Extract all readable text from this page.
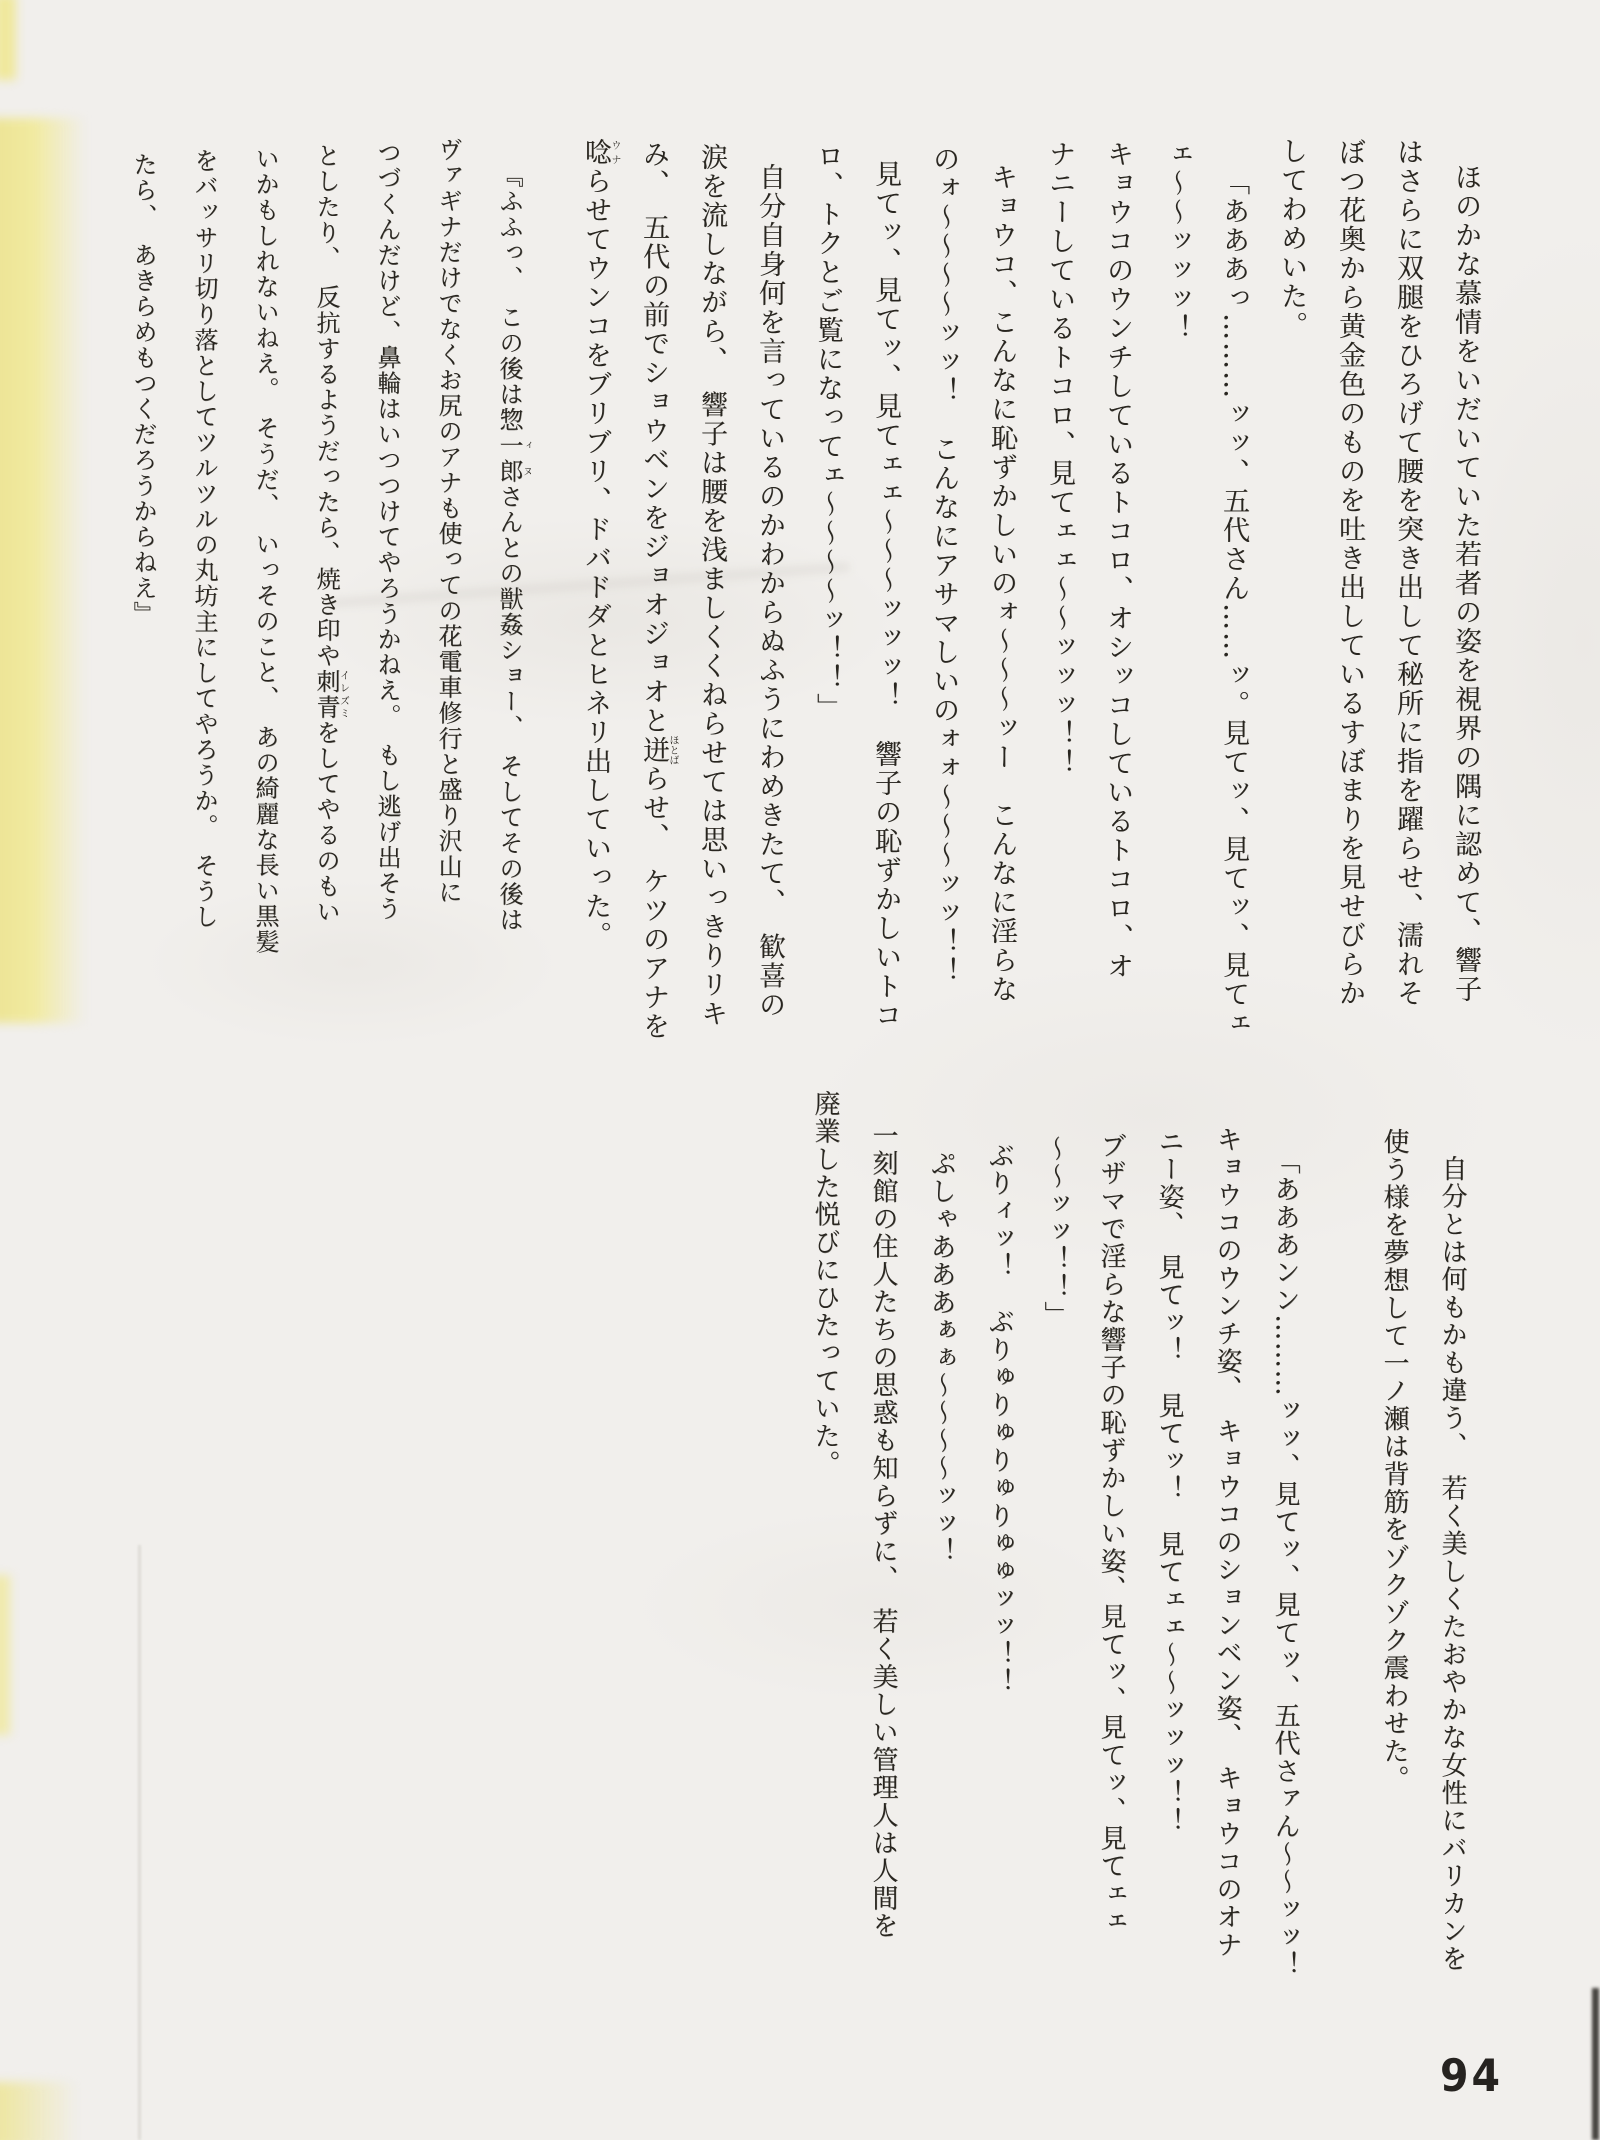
ほのかな慕情をいだいていた若者の姿を視界の隅に認めて、響子
はさらに双腿をひろげて腰を突き出して秘所に指を躍らせ、濡れそ
ぼつ花奥から黄金色のものを吐き出しているすぼまりを見せびらか
してわめいた。
「あああっ………ッッ、五代さん……ッ。見てッ、見てッ、見てェ
ェ〜〜ッッッ！
キョウコのウンチしているトコロ、オシッコしているトコロ、オ
ナニーしているトコロ、見てェェ〜〜ッッッ！！
キョウコ、こんなに恥ずかしいのォ〜〜〜ッー　こんなに淫らな
のォ〜〜〜〜ッッ！　こんなにアサマしいのォォ〜〜〜ッッ！！
見てッ、見てッ、見てェェ〜〜〜ッッッ！　響子の恥ずかしいトコ
ロ、トクとご覧になってェ〜〜〜〜ッ！！」
自分自身何を言っているのかわからぬふうにわめきたて、　歓喜の
涙を流しながら、　響子は腰を浅ましくくねらせては思いっきりリキ
み、　五代の前でショウベンをジョオジョオと迸ほとばらせ、　ケツのアナを
唸ウナらせてウンコをブリブリ、ドバドダとヒネリ出していった。
『ふふっ、　この後は惣一郎ィヌさんとの獣姦ショー、　そしてその後は
ヴァギナだけでなくお尻のアナも使っての花電車修行と盛り沢山に
つづくんだけど、鼻輪はいつつけてやろうかねえ。　もし逃げ出そう
としたり、　反抗するようだったら、焼き印や刺青イレズミをしてやるのもい
いかもしれないねえ。　そうだ、　いっそのこと、　あの綺麗な長い黒髪
をバッサリ切り落としてツルツルの丸坊主にしてやろうか。　そうし
たら、　あきらめもつくだろうからねえ』
自分とは何もかも違う、　若く美しくたおやかな女性にバリカンを
使う様を夢想して一ノ瀬は背筋をゾクゾク震わせた。
「あああンン………ッッ、見てッ、見てッ、五代さァん〜〜ッッ！
キョウコのウンチ姿、　キョウコのションベン姿、　キョウコのオナ
ニー姿、　見てッ！　見てッ！　見てェェ〜〜ッッッ！！
ブザマで淫らな響子の恥ずかしい姿、見てッ、見てッ、見てェェ
〜〜ッッ！！」
ぶりィッ！　ぶりゅりゅりゅりゅゅッッ！！
ぷしゃあああぁぁ〜〜〜〜ッッ！
一刻館の住人たちの思惑も知らずに、　若く美しい管理人は人間を
廃業した悦びにひたっていた。
94
